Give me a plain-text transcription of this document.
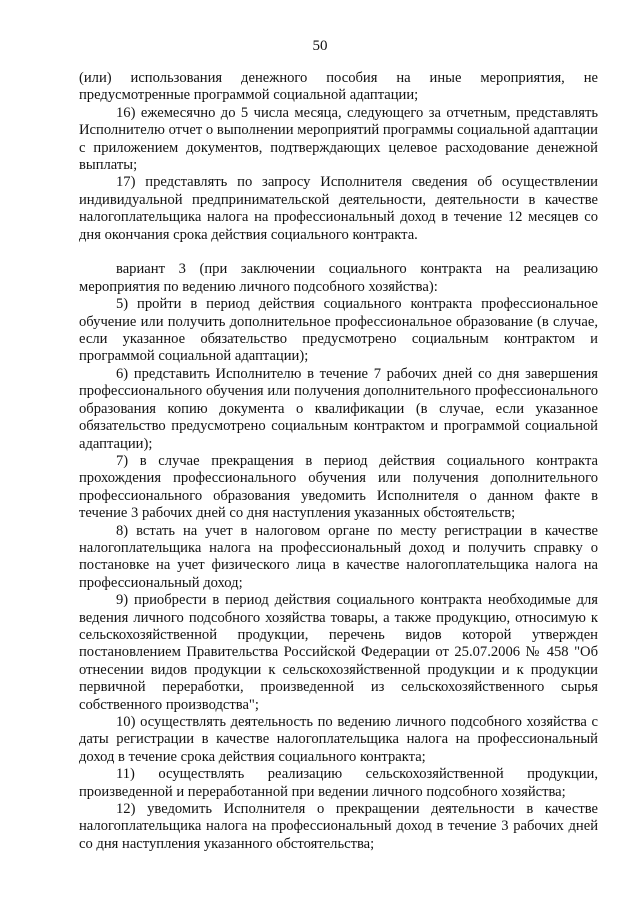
50

(или) использования денежного пособия на иные мероприятия, не предусмотренные программой социальной адаптации;

16) ежемесячно до 5 числа месяца, следующего за отчетным, представлять Исполнителю отчет о выполнении мероприятий программы социальной адаптации с приложением документов, подтверждающих целевое расходование денежной выплаты;

17) представлять по запросу Исполнителя сведения об осуществлении индивидуальной предпринимательской деятельности, деятельности в качестве налогоплательщика налога на профессиональный доход в течение 12 месяцев со дня окончания срока действия социального контракта.

вариант 3 (при заключении социального контракта на реализацию мероприятия по ведению личного подсобного хозяйства):

5) пройти в период действия социального контракта профессиональное обучение или получить дополнительное профессиональное образование (в случае, если указанное обязательство предусмотрено социальным контрактом и программой социальной адаптации);

6) представить Исполнителю в течение 7 рабочих дней со дня завершения профессионального обучения или получения дополнительного профессионального образования копию документа о квалификации (в случае, если указанное обязательство предусмотрено социальным контрактом и программой социальной адаптации);

7) в случае прекращения в период действия социального контракта прохождения профессионального обучения или получения дополнительного профессионального образования уведомить Исполнителя о данном факте в течение 3 рабочих дней со дня наступления указанных обстоятельств;

8) встать на учет в налоговом органе по месту регистрации в качестве налогоплательщика налога на профессиональный доход и получить справку о постановке на учет физического лица в качестве налогоплательщика налога на профессиональный доход;

9) приобрести в период действия социального контракта необходимые для ведения личного подсобного хозяйства товары, а также продукцию, относимую к сельскохозяйственной продукции, перечень видов которой утвержден постановлением Правительства Российской Федерации от 25.07.2006 № 458 "Об отнесении видов продукции к сельскохозяйственной продукции и к продукции первичной переработки, произведенной из сельскохозяйственного сырья собственного производства";

10) осуществлять деятельность по ведению личного подсобного хозяйства с даты регистрации в качестве налогоплательщика налога на профессиональный доход в течение срока действия социального контракта;

11) осуществлять реализацию сельскохозяйственной продукции, произведенной и переработанной при ведении личного подсобного хозяйства;

12) уведомить Исполнителя о прекращении деятельности в качестве налогоплательщика налога на профессиональный доход в течение 3 рабочих дней со дня наступления указанного обстоятельства;
